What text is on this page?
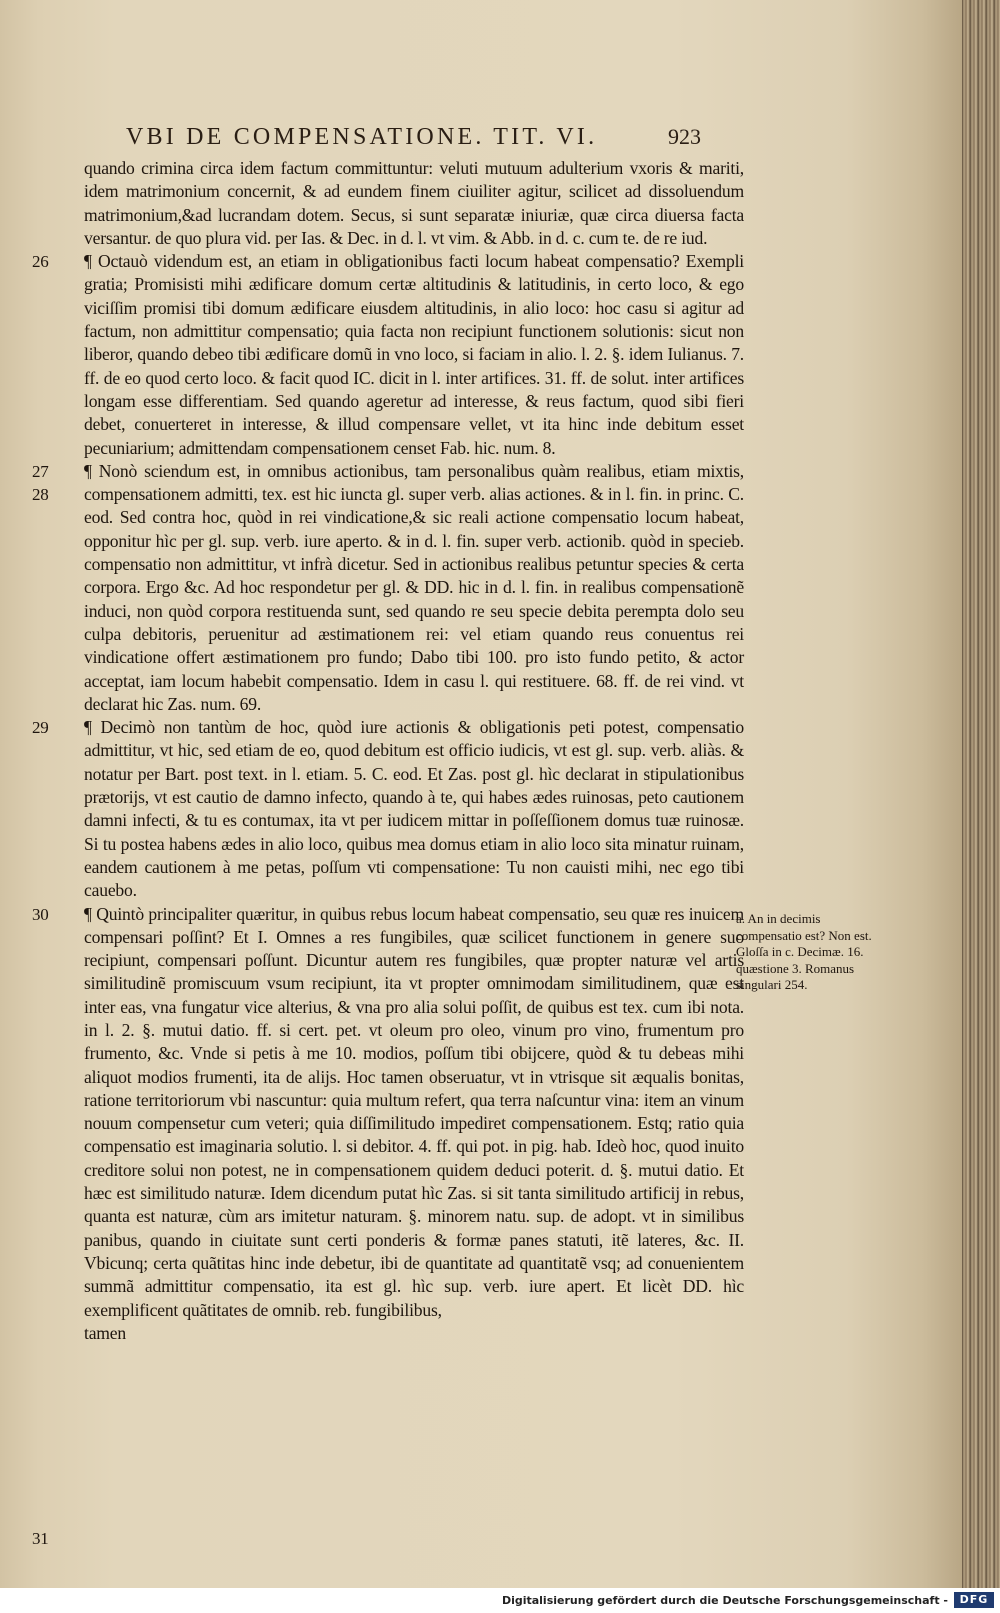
VBI DE COMPENSATIONE. TIT. VI.	923

quando crimina circa idem factum committuntur: veluti mutuum adulterium vxoris & mariti, idem matrimonium concernit, & ad eundem finem ciuiliter agitur, scilicet ad dissoluendum matrimonium,&ad lucrandam dotem. Secus, si sunt separatæ iniuriæ, quæ circa diuersa facta versantur. de quo plura vid. per Ias. & Dec. in d. l. vt vim. & Abb. in d. c. cum te. de re iud.

26 ¶ Octauò videndum est, an etiam in obligationibus facti locum habeat compensatio? Exempli gratia; Promisisti mihi ædificare domum certæ altitudinis & latitudinis, in certo loco, & ego viciſſim promisi tibi domum ædificare eiusdem altitudinis, in alio loco: hoc casu si agitur ad factum, non admittitur compensatio; quia facta non recipiunt functionem solutionis: sicut non liberor, quando debeo tibi ædificare domũ in vno loco, si faciam in alio. l. 2. §. idem Iulianus. 7. ff. de eo quod certo loco. & facit quod IC. dicit in l. inter artifices. 31. ff. de solut. inter artifices longam esse differentiam. Sed quando ageretur ad interesse, & reus factum, quod sibi fieri debet, conuerteret in interesse, & illud compensare vellet, vt ita hinc inde debitum esset pecuniarium; admittendam compensationem censet Fab. hic. num. 8.

27
28

¶ Nonò sciendum est, in omnibus actionibus, tam personalibus quàm realibus, etiam mixtis, compensationem admitti, tex. est hic iuncta gl. super verb. alias actiones. & in l. fin. in princ. C. eod. Sed contra hoc, quòd in rei vindicatione,& sic reali actione compensatio locum habeat, opponitur hìc per gl. sup. verb. iure aperto. & in d. l. fin. super verb. actionib. quòd in specieb. compensatio non admittitur, vt infrà dicetur. Sed in actionibus realibus petuntur species & certa corpora. Ergo &c. Ad hoc respondetur per gl. & DD. hic in d. l. fin. in realibus compensationẽ induci, non quòd corpora restituenda sunt, sed quando re seu specie debita perempta dolo seu culpa debitoris, peruenitur ad æstimationem rei: vel etiam quando reus conuentus rei vindicatione offert æstimationem pro fundo; Dabo tibi 100. pro isto fundo petito, & actor acceptat, iam locum habebit compensatio. Idem in casu l. qui restituere. 68. ff. de rei vind. vt declarat hic Zas. num. 69.

29 ¶ Decimò non tantùm de hoc, quòd iure actionis & obligationis peti potest, compensatio admittitur, vt hic, sed etiam de eo, quod debitum est officio iudicis, vt est gl. sup. verb. aliàs. & notatur per Bart. post text. in l. etiam. 5. C. eod. Et Zas. post gl. hìc declarat in stipulationibus prætorijs, vt est cautio de damno infecto, quando à te, qui habes ædes ruinosas, peto cautionem damni infecti, & tu es contumax, ita vt per iudicem mittar in poſſeſſionem domus tuæ ruinosæ. Si tu postea habens ædes in alio loco, quibus mea domus etiam in alio loco sita minatur ruinam, eandem cautionem à me petas, poſſum vti compensatione: Tu non cauisti mihi, nec ego tibi cauebo.

30
31

¶ Quintò principaliter quæritur, in quibus rebus locum habeat compensatio, seu quæ res inuicem compensari poſſint? Et I. Omnes a res fungibiles, quæ scilicet functionem in genere suo recipiunt, compensari poſſunt. Dicuntur autem res fungibiles, quæ propter naturæ vel artis similitudinẽ promiscuum vsum recipiunt, ita vt propter omnimodam similitudinem, quæ est inter eas, vna fungatur vice alterius, & vna pro alia solui poſſit, de quibus est tex. cum ibi nota. in l. 2. §. mutui datio. ff. si cert. pet. vt oleum pro oleo, vinum pro vino, frumentum pro frumento, &c. Vnde si petis à me 10. modios, poſſum tibi obijcere, quòd & tu debeas mihi aliquot modios frumenti, ita de alijs. Hoc tamen obseruatur, vt in vtrisque sit æqualis bonitas, ratione territoriorum vbi nascuntur: quia multum refert, qua terra naſcuntur vina: item an vinum nouum compensetur cum veteri; quia diſſimilitudo impediret compensationem. Estq; ratio quia compensatio est imaginaria solutio. l. si debitor. 4. ff. qui pot. in pig. hab. Ideò hoc, quod inuito creditore solui non potest, ne in compensationem quidem deduci poterit. d. §. mutui datio. Et hæc est similitudo naturæ. Idem dicendum putat hìc Zas. si sit tanta similitudo artificij in rebus, quanta est naturæ, cùm ars imitetur naturam. §. minorem natu. sup. de adopt. vt in similibus panibus, quando in ciuitate sunt certi ponderis & formæ panes statuti, itẽ lateres, &c. II. Vbicunq; certa quãtitas hinc inde debetur, ibi de quantitate ad quantitatẽ vsq; ad conuenientem summã admittitur compensatio, ita est gl. hìc sup. verb. iure apert. Et licèt DD. hìc exemplificent quãtitates de omnib. reb. fungibilibus,

tamen

a. An in decimis compensatio est? Non est. Gloſſa in c. Decimæ. 16. quæstione 3. Romanus singulari 254.
Digitalisierung gefördert durch die Deutsche Forschungsgemeinschaft -	DFG
